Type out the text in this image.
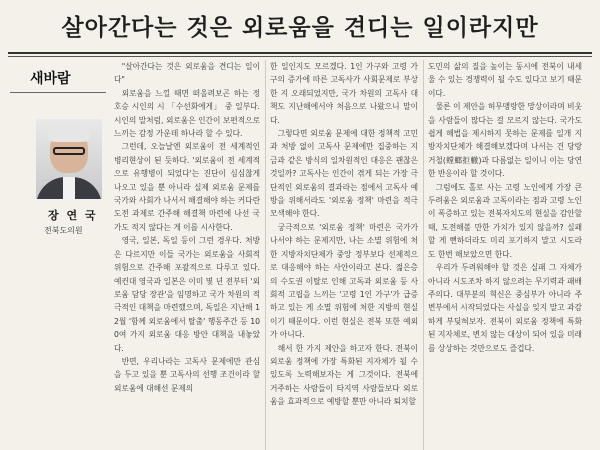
살아간다는 것은 외로움을 견디는 일이라지만
새바람
장 연 국
전북도의원

"살아간다는 것은 외로움을 견디는 일이다"

외로움을 느낄 때면 떠올려보곤 하는 정호승 시인의 시 「수선화에게」 중 일부다. 시인의 말처럼, 외로움은 인간이 보편적으로 느끼는 감정 가운데 하나라 할 수 있다.

그런데, 오늘날엔 외로움이 전 세계적인 병리현상이 된 듯하다. '외로움이 전 세계적으로 유행병이 되었다'는 진단이 심심찮게 나오고 있을 뿐 아니라 실제 외로움 문제를 국가와 사회가 나서서 해결해야 하는 커다란 도전 과제로 간주해 해결책 마련에 나선 국가도 적지 않다는 게 이를 시사한다.

영국, 일본, 독일 등이 그런 경우다. 처방은 다르지만 이들 국가는 외로움을 사회적 위험으로 간주해 포괄적으로 다루고 있다. 예컨대 영국과 일본은 이미 몇 년 전부터 '외로움 담당 장관'을 임명하고 국가 차원의 적극적인 대책을 마련했으며, 독일은 지난해 12월 '함께 외로움에서 탈출' 행동주간 등 100여 가지 외로움 대응 방안 대책을 내놓았다.

반면, 우리나라는 고독사 문제에만 관심을 두고 있을 뿐 고독사의 선행 조건이라 할 외로움에 대해선 문제의

한 일인지도 모르겠다. 1인 가구와 고령 가구의 증가에 따른 고독사가 사회문제로 부상한 지 오래되었지만, 국가 차원의 고독사 대책도 지난해에서야 처음으로 나왔으니 말이다.

그렇다면 외로움 문제에 대한 정책적 고민과 처방 없이 고독사 문제에만 집중하는 지금과 같은 방식의 일차원적인 대응은 괜찮은 것일까? 고독사는 인간이 겪게 되는 가장 극단적인 외로움의 결과라는 점에서 고독사 예방을 위해서라도 '외로움 정책' 마련을 적극 모색해야 한다.

궁극적으로 '외로움 정책' 마련은 국가가 나서야 하는 문제지만, 나는 소멸 위험에 처한 지방자치단체가 중앙 정부보다 선제적으로 대응해야 하는 사안이라고 본다. 젊은층의 수도권 이탈로 인해 고독과 외로움 등 사회적 고립을 느끼는 '고령 1인 가구'가 급증하고 있는 게 소멸 위험에 처한 지방의 현실이기 때문이다. 이런 현실은 전북 또한 예외가 아니다.

해서 한 가지 제안을 하고자 한다. 전북이 외로움 정책에 가장 특화된 지자체가 될 수 있도록 노력해보자는 게 그것이다. 전북에 거주하는 사람들이 타지역 사람들보다 외로움을 효과적으로 예방할 뿐만 아니라 퇴치할

도민의 삶의 질을 높이는 동시에 전북이 내세울 수 있는 경쟁력이 될 수도 있다고 보기 때문이다.

물론 이 제안을 허무맹랑한 망상이라며 비웃을 사람들이 많다는 걸 모르지 않는다. 국가도 쉽게 해법을 제시하지 못하는 문제를 일개 지방자치단체가 해결해보겠다며 나서는 건 당랑거철(螳螂拒轍)과 다름없는 일이니 이는 당연한 반응이라 할 것이다.

그럼에도 홀로 사는 고령 노인에게 가장 큰 두려움은 외로움과 고독이라는 점과 고령 노인이 폭증하고 있는 전북자치도의 현실을 감안할 때, 도전해볼 만한 가치가 있지 않을까? 실패할 게 뻔하더라도 미리 포기하지 말고 시도라도 한번 해보았으면 한다.

우리가 두려워해야 할 것은 실패 그 자체가 아니라 시도조차 하지 않으려는 무기력과 패배주의다. 대부분의 혁신은 중심부가 아니라 주변부에서 시작되었다는 사실을 잊지 말고 과감하게 부딪혀보자. 전북이 외로움 정책에 특화된 지자체로, 변치 않는 대상이 되어 있을 미래를 상상하는 것만으로도 즐겁다.
